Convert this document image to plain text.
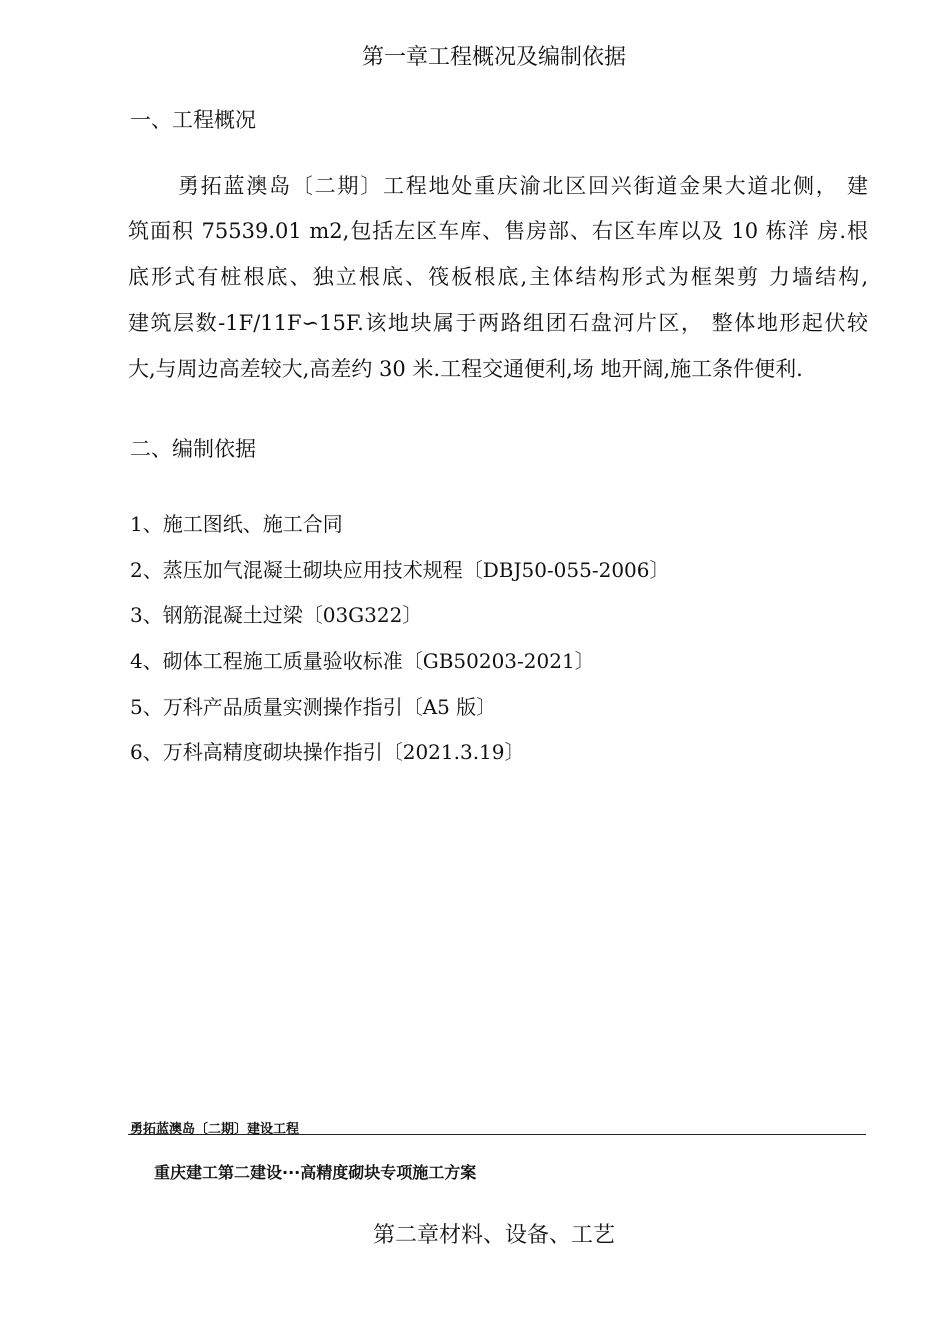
第一章工程概况及编制依据
一、工程概况
勇拓蓝澳岛〔二期〕工程地处重庆渝北区回兴街道金果大道北侧， 建
筑面积 75539.01 m2,包括左区车库、售房部、右区车库以及 10 栋洋 房.根
底形式有桩根底、独立根底、筏板根底,主体结构形式为框架剪 力墙结构,
建筑层数-1F/11F∽15F.该地块属于两路组团石盘河片区， 整体地形起伏较
大,与周边高差较大,高差约 30 米.工程交通便利,场 地开阔,施工条件便利.
二、编制依据
1、施工图纸、施工合同
2、蒸压加气混凝土砌块应用技术规程〔DBJ50-055-2006〕
3、钢筋混凝土过梁〔03G322〕
4、砌体工程施工质量验收标准〔GB50203-2021〕
5、万科产品质量实测操作指引〔A5 版〕
6、万科高精度砌块操作指引〔2021.3.19〕
勇拓蓝澳岛〔二期〕建设工程
重庆建工第二建设···高精度砌块专项施工方案
第二章材料、设备、工艺
